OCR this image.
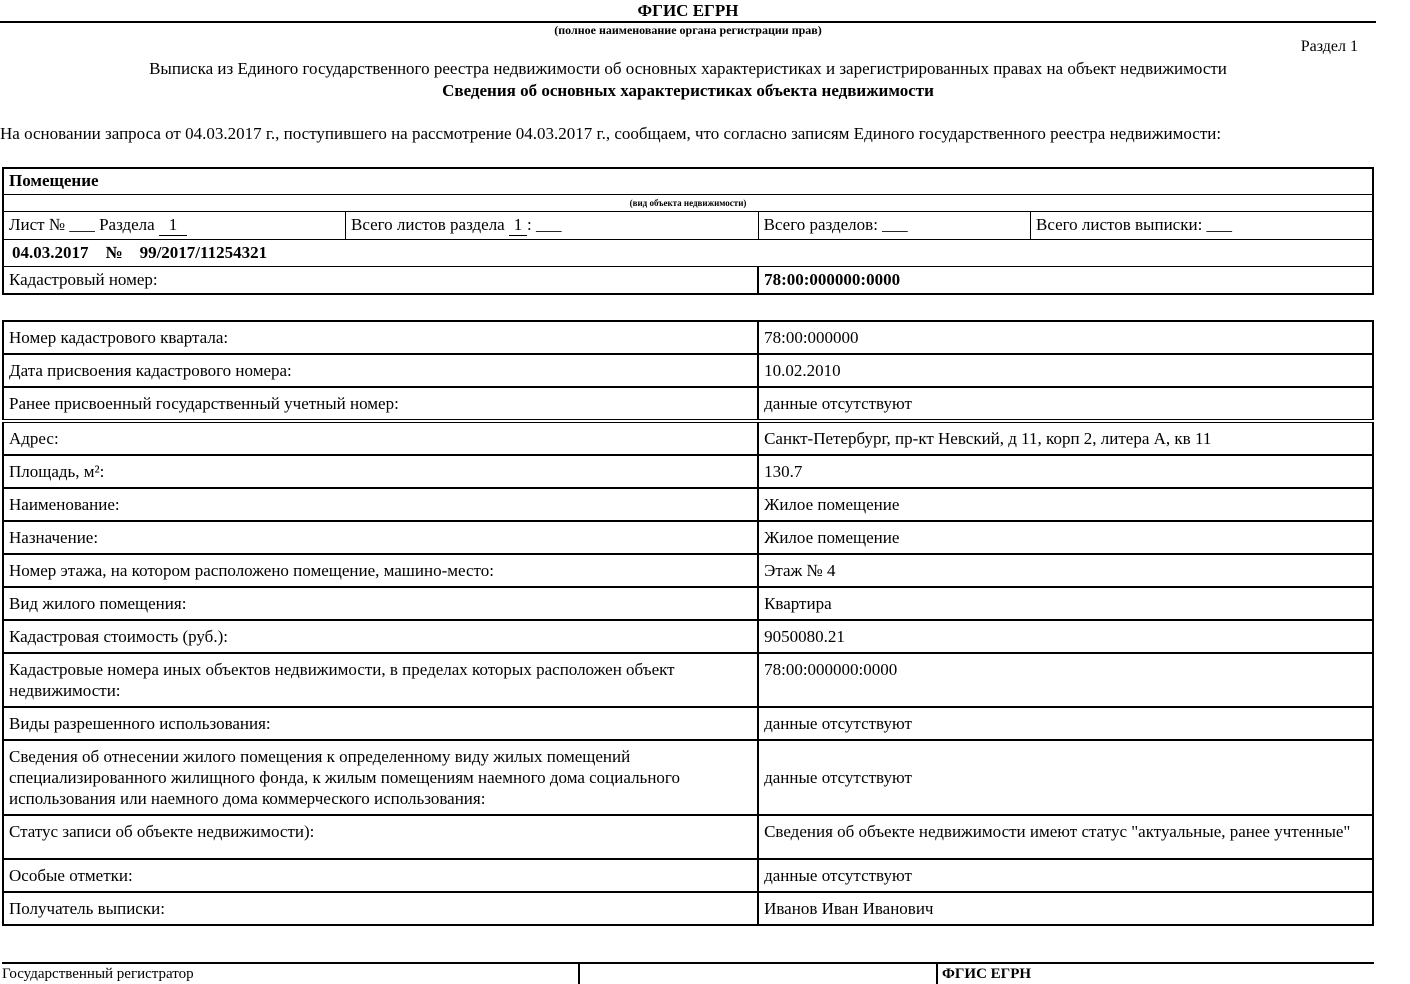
ФГИС ЕГРН
(полное наименование органа регистрации прав)
Раздел 1
Выписка из Единого государственного реестра недвижимости об основных характеристиках и зарегистрированных правах на объект недвижимости
Сведения об основных характеристиках объекта недвижимости
На основании запроса от 04.03.2017 г., поступившего на рассмотрение 04.03.2017 г., сообщаем, что согласно записям Единого государственного реестра недвижимости:
Помещение			
(вид объекта недвижимости)			
Лист № ___ Раздела 1	Всего листов раздела 1 : ___	Всего разделов: ___	Всего листов выписки: ___
04.03.2017    №    99/2017/11254321			
Кадастровый номер:		78:00:000000:0000	
Номер кадастрового квартала:	78:00:000000
Дата присвоения кадастрового номера:	10.02.2010
Ранее присвоенный государственный учетный номер:	данные отсутствуют
Адрес:	Санкт-Петербург, пр-кт Невский, д 11, корп 2, литера А, кв 11
Площадь, м²:	130.7
Наименование:	Жилое помещение
Назначение:	Жилое помещение
Номер этажа, на котором расположено помещение, машино-место:	Этаж № 4
Вид жилого помещения:	Квартира
Кадастровая стоимость (руб.):	9050080.21
Кадастровые номера иных объектов недвижимости, в пределах которых расположен объект недвижимости:	78:00:000000:0000
Виды разрешенного использования:	данные отсутствуют
Сведения об отнесении жилого помещения к определенному виду жилых помещений специализированного жилищного фонда, к жилым помещениям наемного дома социального использования или наемного дома коммерческого использования:	данные отсутствуют
Статус записи об объекте недвижимости):	Сведения об объекте недвижимости имеют статус "актуальные, ранее учтенные"
Особые отметки:	данные отсутствуют
Получатель выписки:	Иванов Иван Иванович
Государственный регистратор	ФГИС ЕГРН
